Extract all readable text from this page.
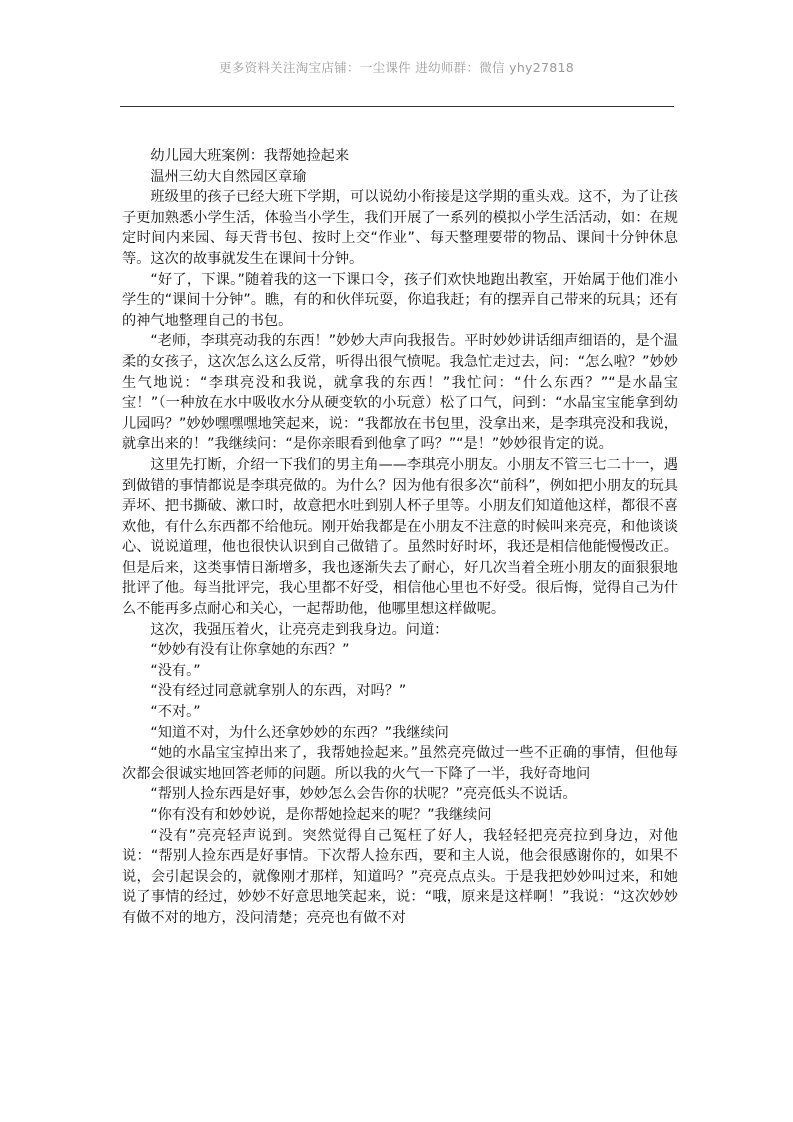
更多资料关注淘宝店铺：一尘课件 进幼师群：微信 yhy27818

幼儿园大班案例：我帮她捡起来

温州三幼大自然园区章瑜

班级里的孩子已经大班下学期，可以说幼小衔接是这学期的重头戏。这不，为了让孩子更加熟悉小学生活，体验当小学生，我们开展了一系列的模拟小学生活活动，如：在规定时间内来园、每天背书包、按时上交“作业”、每天整理要带的物品、课间十分钟休息等。这次的故事就发生在课间十分钟。

“好了，下课。”随着我的这一下课口令，孩子们欢快地跑出教室，开始属于他们准小学生的“课间十分钟”。瞧，有的和伙伴玩耍，你追我赶；有的摆弄自己带来的玩具；还有的神气地整理自己的书包。

“老师，李琪亮动我的东西！”妙妙大声向我报告。平时妙妙讲话细声细语的，是个温柔的女孩子，这次怎么这么反常，听得出很气愤呢。我急忙走过去，问：“怎么啦？”妙妙生气地说：“李琪亮没和我说，就拿我的东西！”我忙问：“什么东西？”“是水晶宝宝！”（一种放在水中吸收水分从硬变软的小玩意）松了口气，问到：“水晶宝宝能拿到幼儿园吗？”妙妙嘿嘿嘿地笑起来，说：“我都放在书包里，没拿出来，是李琪亮没和我说，就拿出来的！”我继续问：“是你亲眼看到他拿了吗？”“是！”妙妙很肯定的说。

这里先打断，介绍一下我们的男主角——李琪亮小朋友。小朋友不管三七二十一，遇到做错的事情都说是李琪亮做的。为什么？因为他有很多次“前科”，例如把小朋友的玩具弄坏、把书撕破、漱口时，故意把水吐到别人杯子里等。小朋友们知道他这样，都很不喜欢他，有什么东西都不给他玩。刚开始我都是在小朋友不注意的时候叫来亮亮，和他谈谈心、说说道理，他也很快认识到自己做错了。虽然时好时坏，我还是相信他能慢慢改正。但是后来，这类事情日渐增多，我也逐渐失去了耐心，好几次当着全班小朋友的面狠狠地批评了他。每当批评完，我心里都不好受，相信他心里也不好受。很后悔，觉得自己为什么不能再多点耐心和关心，一起帮助他，他哪里想这样做呢。

这次，我强压着火，让亮亮走到我身边。问道：

“妙妙有没有让你拿她的东西？”

“没有。”

“没有经过同意就拿别人的东西，对吗？”

“不对。”

“知道不对，为什么还拿妙妙的东西？”我继续问

“她的水晶宝宝掉出来了，我帮她捡起来。”虽然亮亮做过一些不正确的事情，但他每次都会很诚实地回答老师的问题。所以我的火气一下降了一半，我好奇地问

“帮别人捡东西是好事，妙妙怎么会告你的状呢？”亮亮低头不说话。

“你有没有和妙妙说，是你帮她捡起来的呢？”我继续问

“没有”亮亮轻声说到。突然觉得自己冤枉了好人，我轻轻把亮亮拉到身边，对他说：“帮别人捡东西是好事情。下次帮人捡东西，要和主人说，他会很感谢你的，如果不说，会引起误会的，就像刚才那样，知道吗？”亮亮点点头。于是我把妙妙叫过来，和她说了事情的经过，妙妙不好意思地笑起来，说：“哦，原来是这样啊！”我说：“这次妙妙有做不对的地方，没问清楚；亮亮也有做不对
